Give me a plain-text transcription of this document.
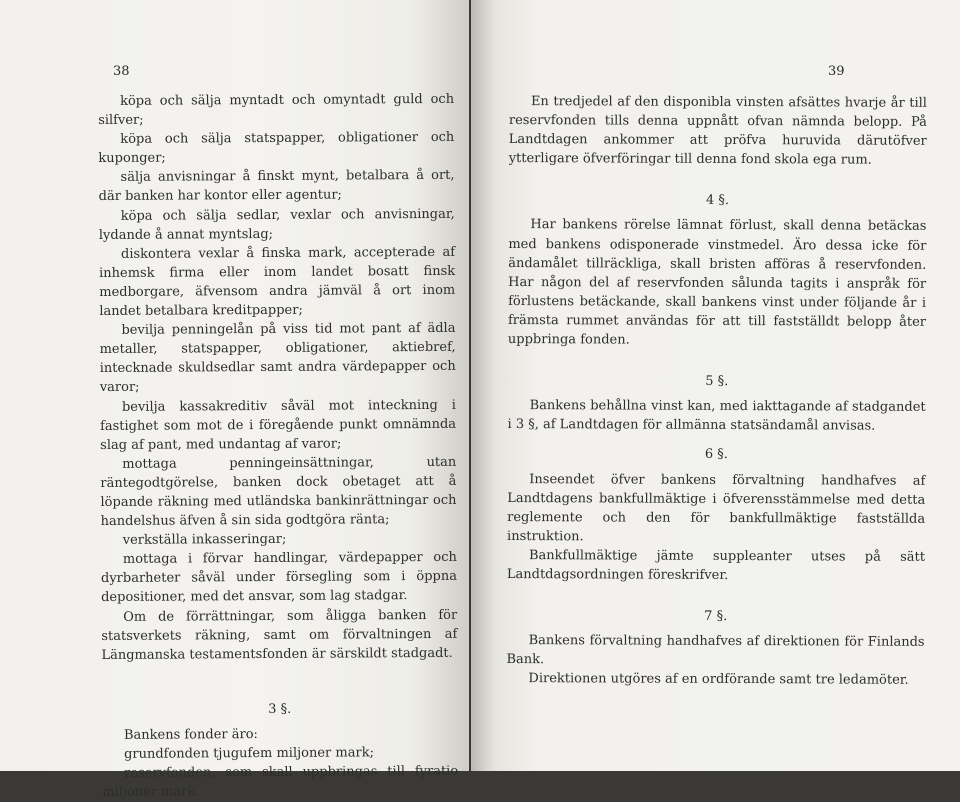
38

köpa och sälja myntadt och omyntadt guld och silfver;

köpa och sälja statspapper, obligationer och kuponger;

sälja anvisningar å finskt mynt, betalbara å ort, där banken har kontor eller agentur;

köpa och sälja sedlar, vexlar och anvisningar, lydande å annat myntslag;

diskontera vexlar å finska mark, accepterade af inhemsk firma eller inom landet bosatt finsk medborgare, äfvensom andra jämväl å ort inom landet betalbara kreditpapper;

bevilja penningelån på viss tid mot pant af ädla metaller, statspapper, obligationer, aktiebref, intecknade skuldsedlar samt andra värdepapper och varor;

bevilja kassakreditiv såväl mot inteckning i fastighet som mot de i föregående punkt omnämnda slag af pant, med undantag af varor;

mottaga penningeinsättningar, utan räntegodtgörelse, banken dock obetaget att å löpande räkning med utländska bankinrättningar och handelshus äfven å sin sida godtgöra ränta;

verkställa inkasseringar;

mottaga i förvar handlingar, värdepapper och dyrbarheter såväl under försegling som i öppna depositioner, med det ansvar, som lag stadgar.

Om de förrättningar, som åligga banken för statsverkets räkning, samt om förvaltningen af Längmanska testamentsfonden är särskildt stadgadt.

3 §.

Bankens fonder äro:

grundfonden tjugufem miljoner mark;

reservfonden, som skall uppbringas till fyratio miljoner mark.

39

En tredjedel af den disponibla vinsten afsättes hvarje år till reservfonden tills denna uppnått ofvan nämnda belopp. På Landtdagen ankommer att pröfva huruvida därutöfver ytterligare öfverföringar till denna fond skola ega rum.

4 §.

Har bankens rörelse lämnat förlust, skall denna betäckas med bankens odisponerade vinstmedel. Äro dessa icke för ändamålet tillräckliga, skall bristen afföras å reservfonden. Har någon del af reservfonden sålunda tagits i anspråk för förlustens betäckande, skall bankens vinst under följande år i främsta rummet användas för att till fastställdt belopp åter uppbringa fonden.

5 §.

Bankens behållna vinst kan, med iakttagande af stadgandet i 3 §, af Landtdagen för allmänna statsändamål anvisas.

6 §.

Inseendet öfver bankens förvaltning handhafves af Landtdagens bankfullmäktige i öfverensstämmelse med detta reglemente och den för bankfullmäktige fastställda instruktion.

Bankfullmäktige jämte suppleanter utses på sätt Landtdagsordningen föreskrifver.

7 §.

Bankens förvaltning handhafves af direktionen för Finlands Bank.

Direktionen utgöres af en ordförande samt tre ledamöter.
